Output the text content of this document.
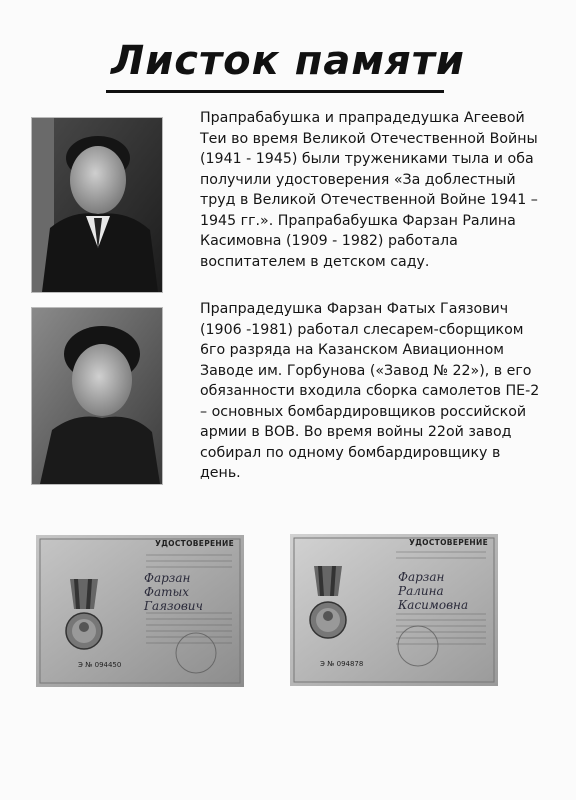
Листок памяти

Прапрабабушка и прапрадедушка Агеевой Теи во время Великой Отечественной Войны (1941 - 1945) были тружениками тыла и оба получили удостоверения «За доблестный труд в Великой Отечественной Войне 1941 – 1945 гг.». Прапрабабушка Фарзан Ралина Касимовна (1909 - 1982) работала воспитателем в детском саду.

Прапрадедушка Фарзан Фатых Гаязович (1906 -1981) работал слесарем-сборщиком 6го разряда на Казанском Авиационном Заводе им. Горбунова («Завод № 22»), в его обязанности входила сборка самолетов ПЕ-2 – основных бомбардировщиков российской армии в ВОВ. Во время войны 22ой завод собирал по одному бомбардировщику в день.

УДОСТОВЕРЕНИЕ
Фарзан
Фатых
Гаязович
Э № 094450
УДОСТОВЕРЕНИЕ
Фарзан
Ралина
Касимовна
Э № 094878
